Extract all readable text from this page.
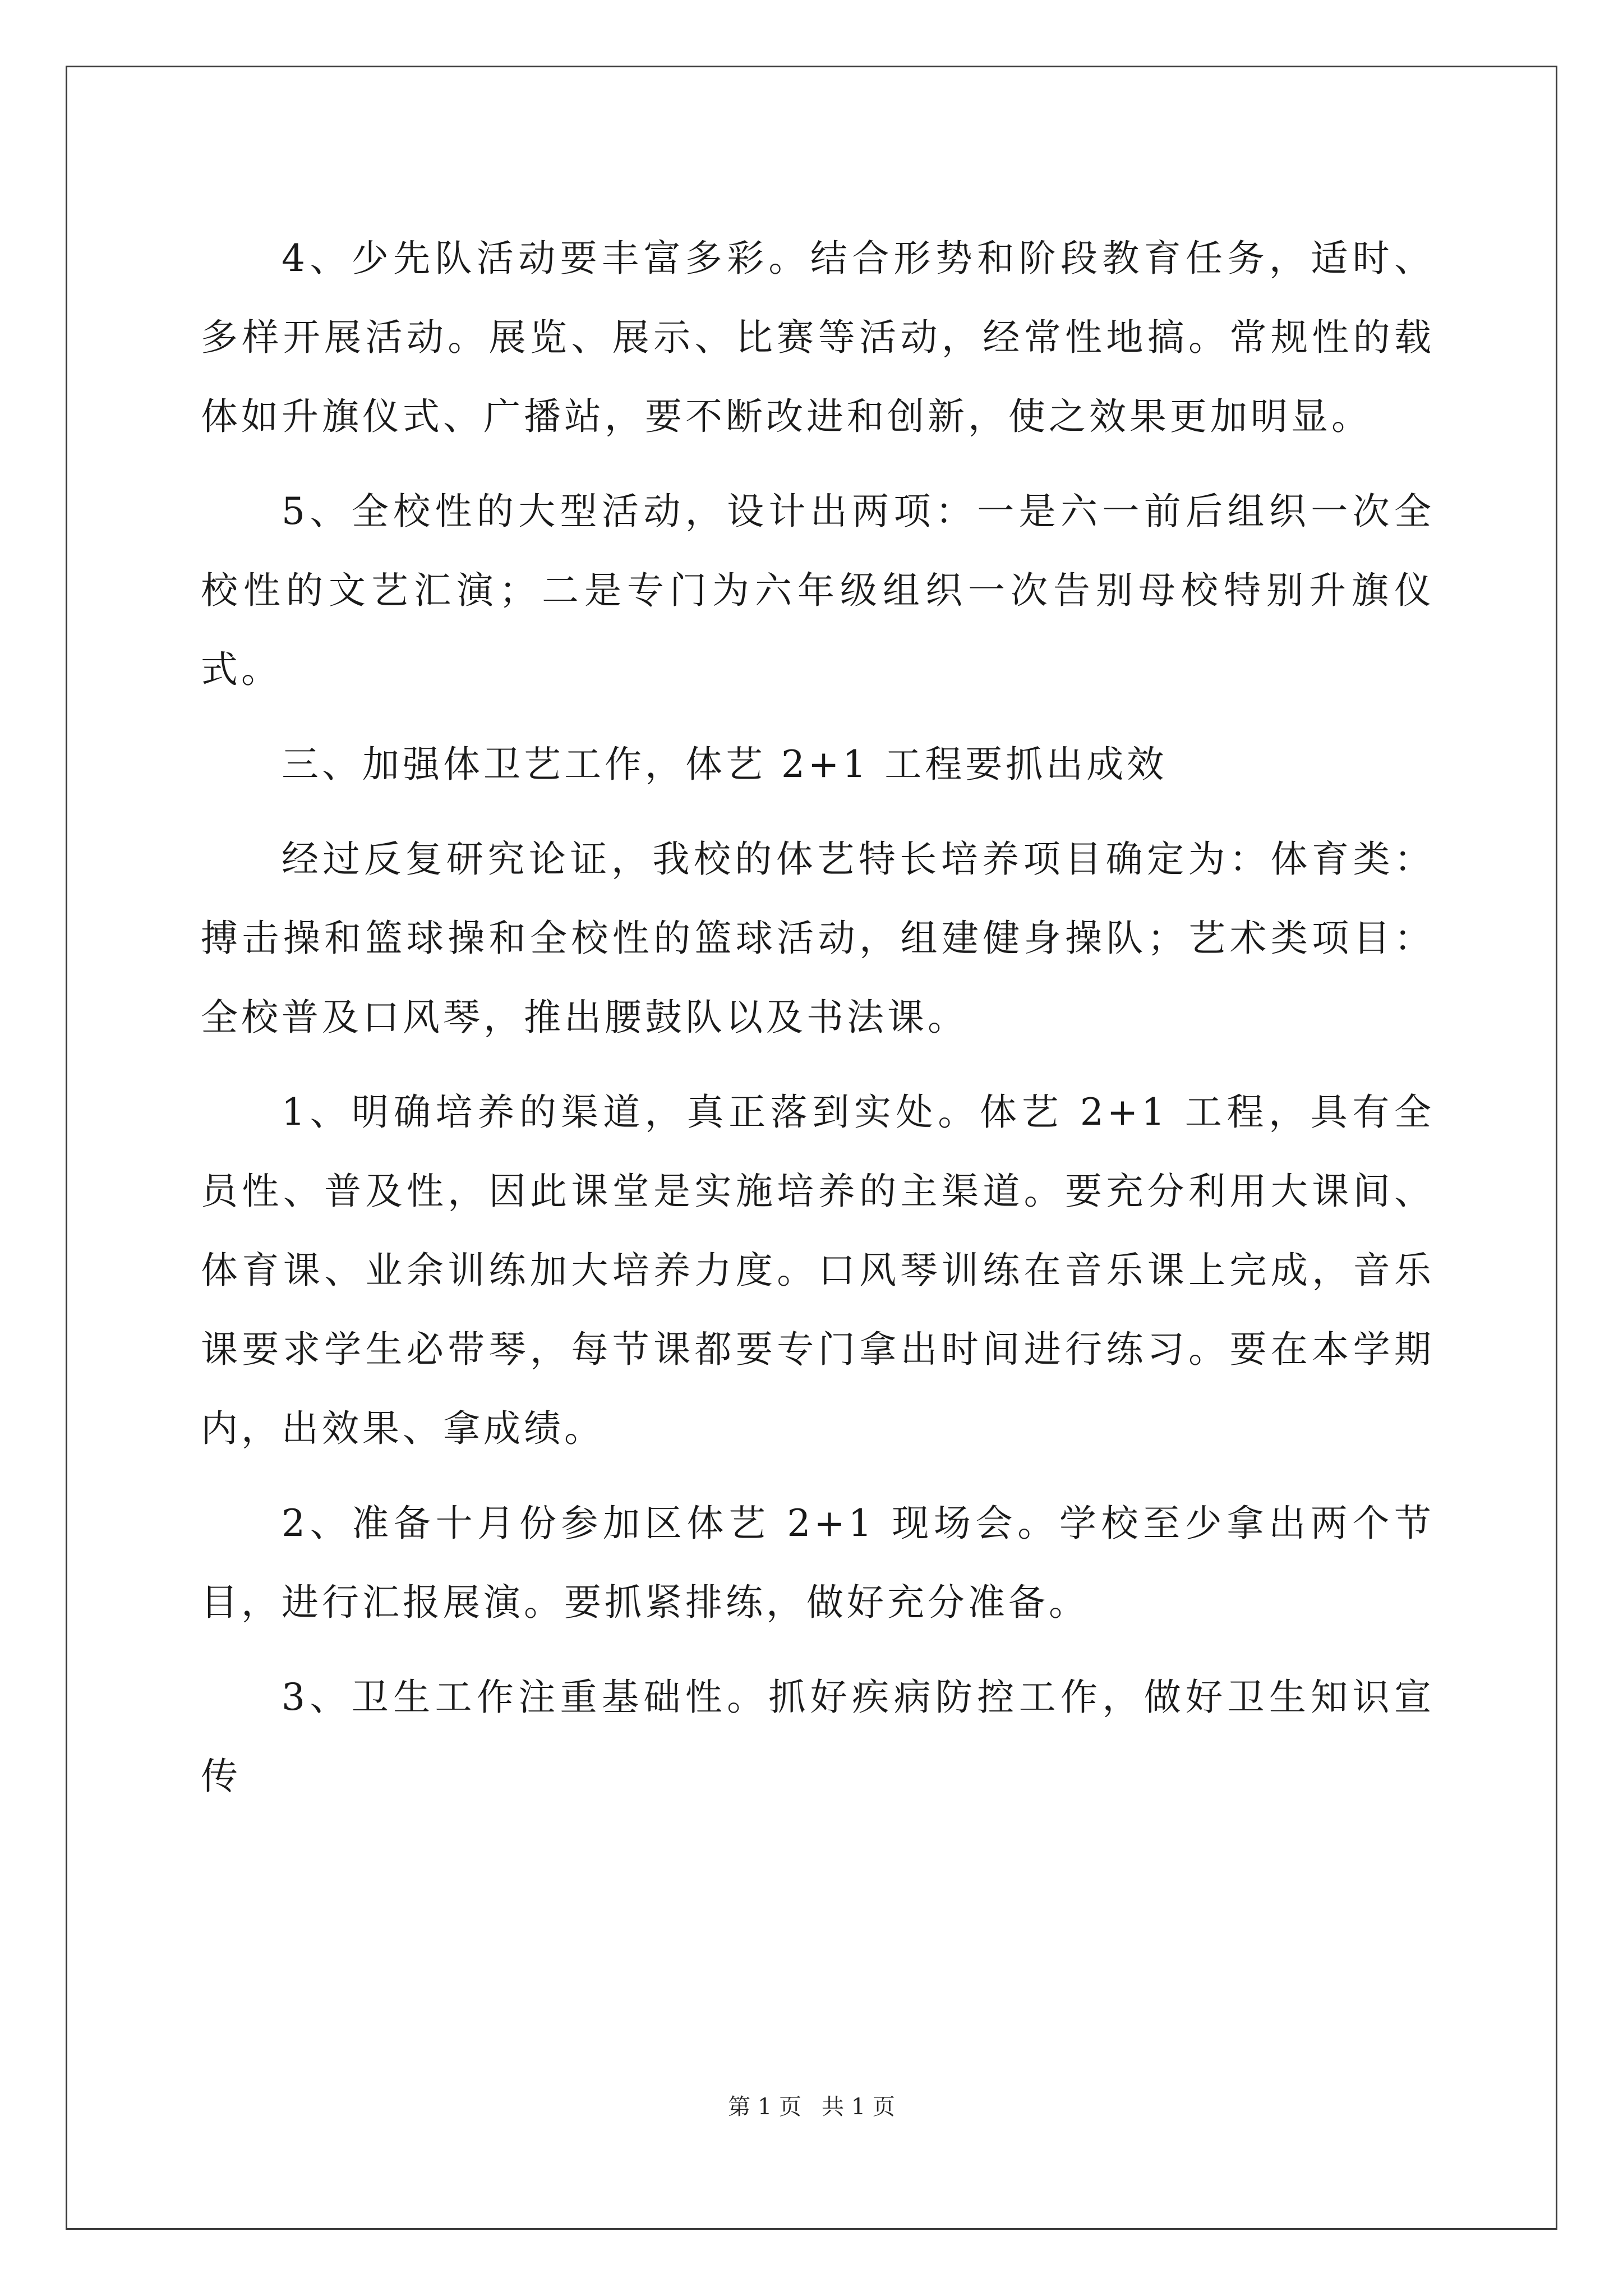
4、少先队活动要丰富多彩。结合形势和阶段教育任务，适时、多样开展活动。展览、展示、比赛等活动，经常性地搞。常规性的载体如升旗仪式、广播站，要不断改进和创新，使之效果更加明显。

5、全校性的大型活动，设计出两项：一是六一前后组织一次全校性的文艺汇演；二是专门为六年级组织一次告别母校特别升旗仪式。

三、加强体卫艺工作，体艺 2+1 工程要抓出成效

经过反复研究论证，我校的体艺特长培养项目确定为：体育类：搏击操和篮球操和全校性的篮球活动，组建健身操队；艺术类项目：全校普及口风琴，推出腰鼓队以及书法课。

1、明确培养的渠道，真正落到实处。体艺 2+1 工程，具有全员性、普及性，因此课堂是实施培养的主渠道。要充分利用大课间、体育课、业余训练加大培养力度。口风琴训练在音乐课上完成，音乐课要求学生必带琴，每节课都要专门拿出时间进行练习。要在本学期内，出效果、拿成绩。

2、准备十月份参加区体艺 2+1 现场会。学校至少拿出两个节目，进行汇报展演。要抓紧排练，做好充分准备。

3、卫生工作注重基础性。抓好疾病防控工作，做好卫生知识宣传

第 1 页 共 1 页
